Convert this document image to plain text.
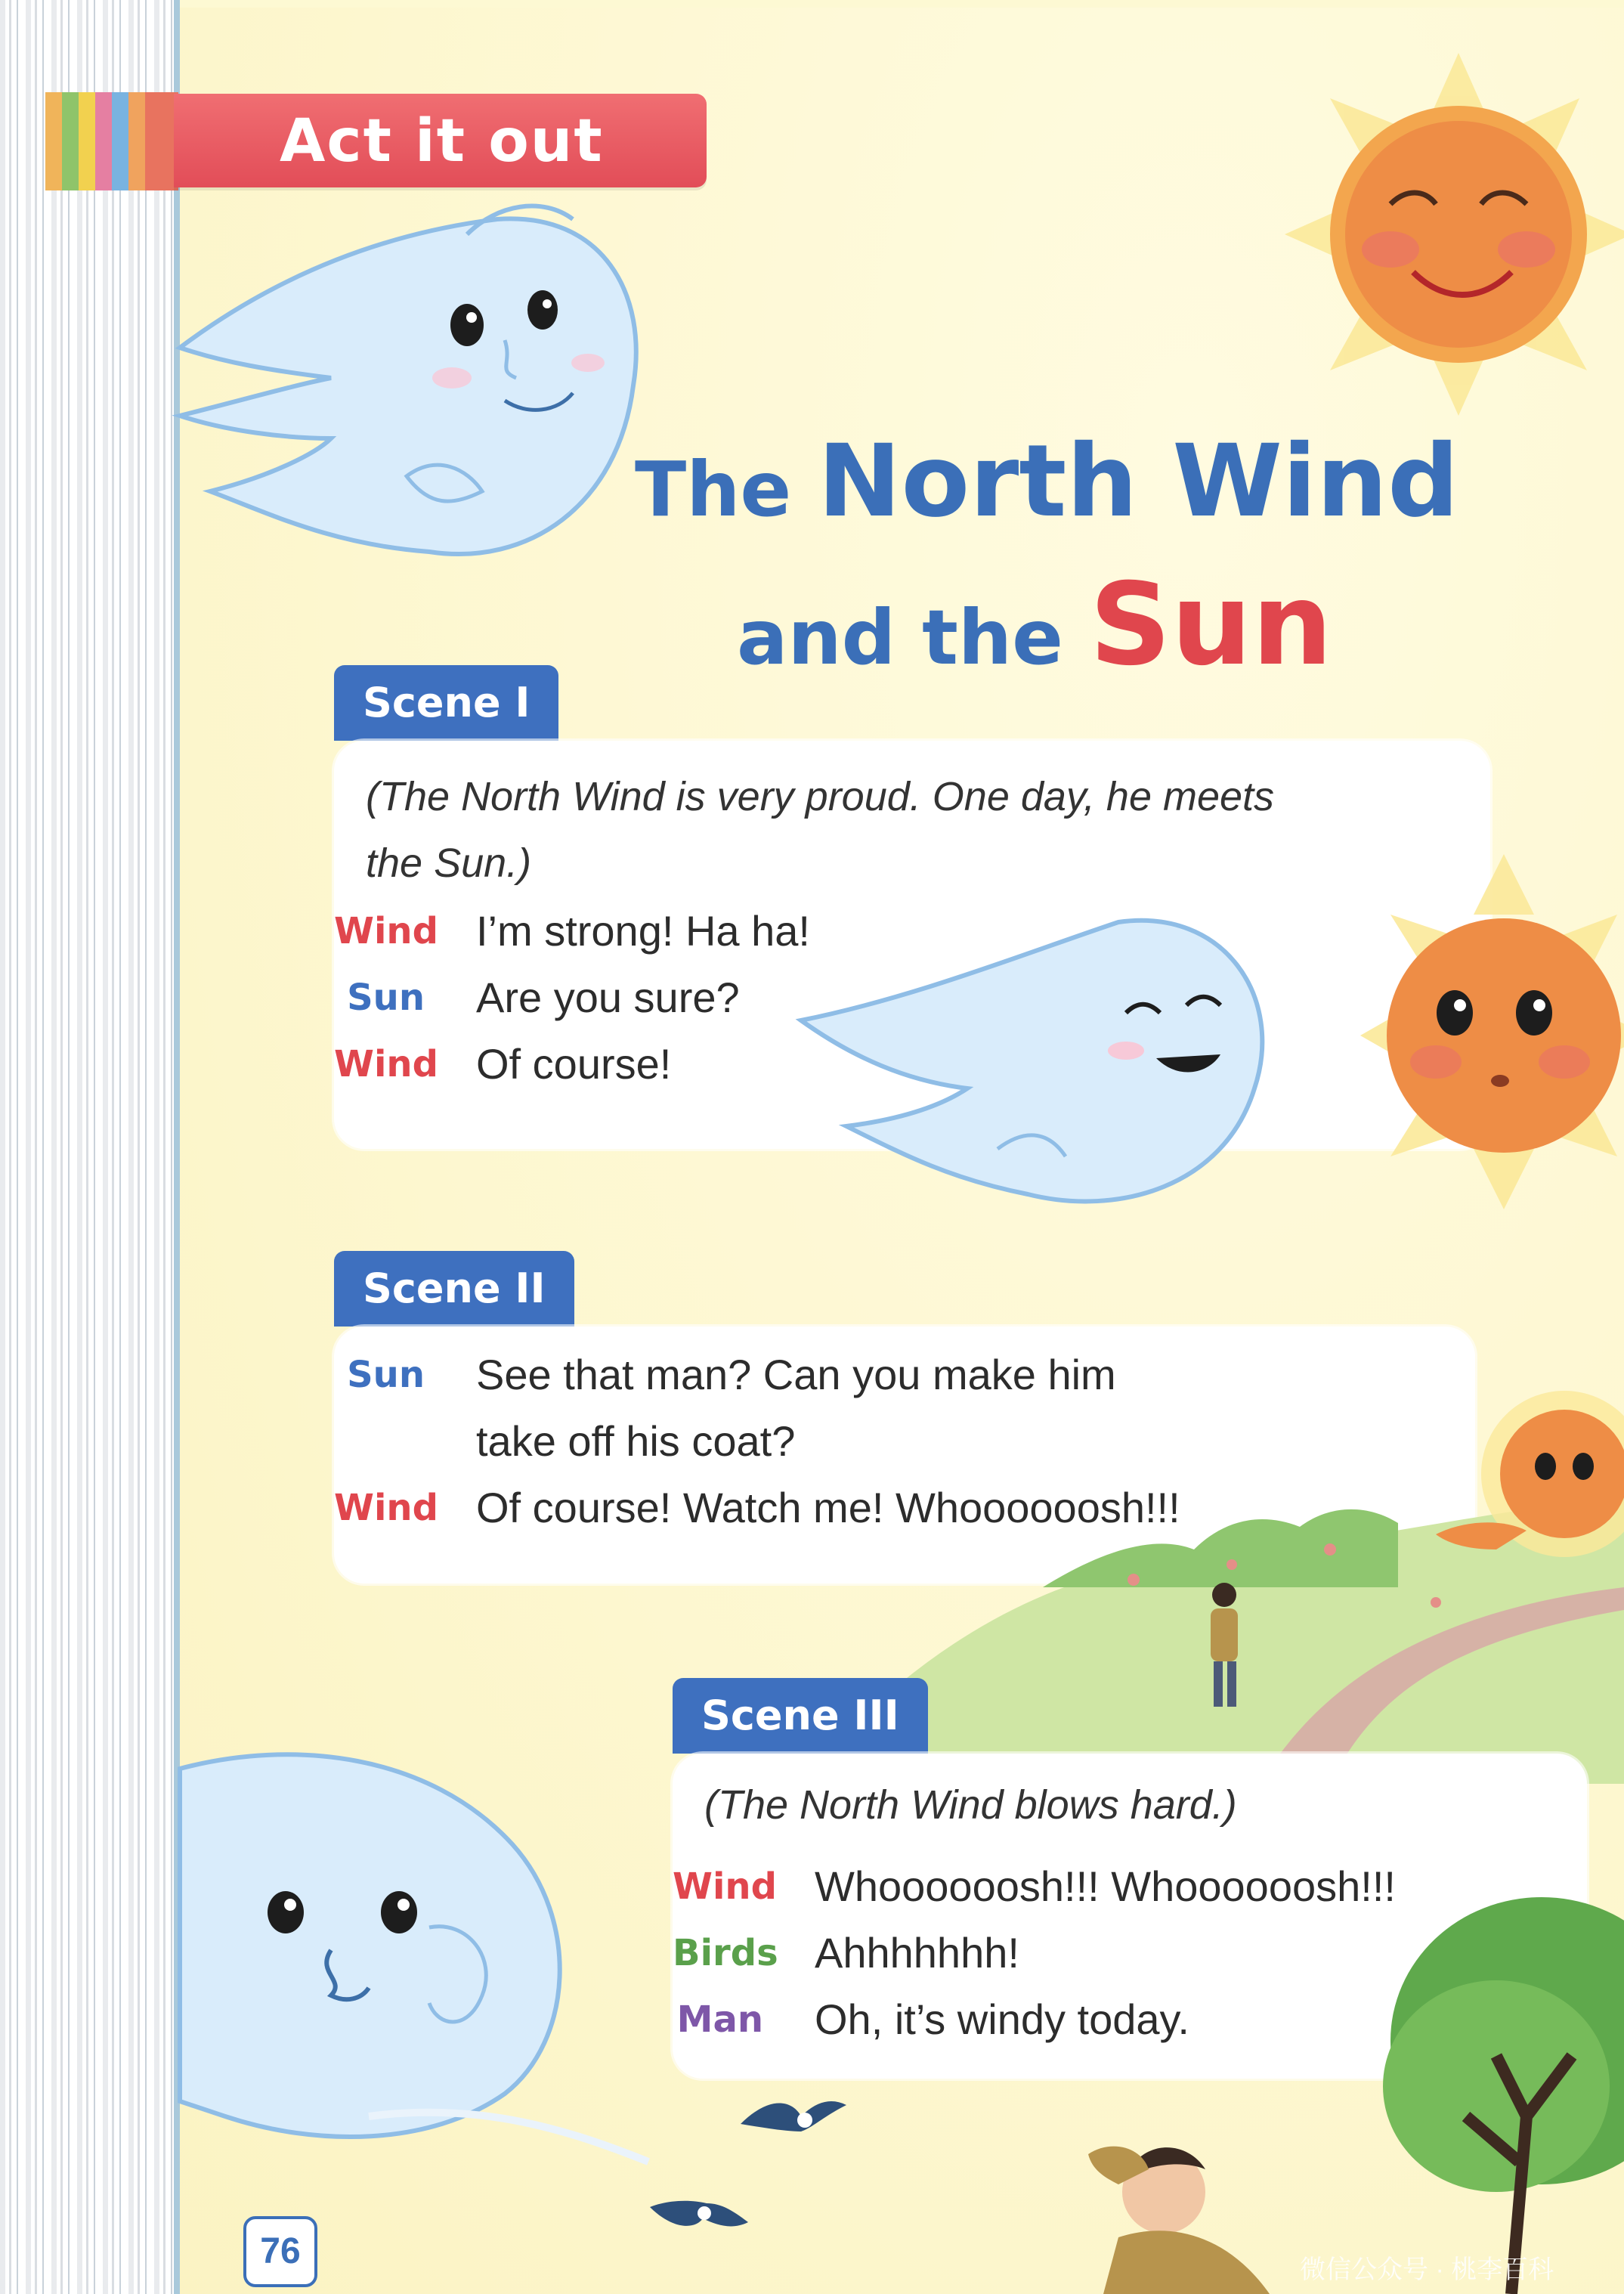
Act it out
The North Wind
and the Sun
Scene I
(The North Wind is very proud. One day, he meets
the Sun.)
Wind I’m strong! Ha ha!
Sun Are you sure?
Wind Of course!
Scene II
Sun See that man? Can you make him
take off his coat?
Wind Of course! Watch me! Whoooooosh!!!
Scene III
(The North Wind blows hard.)
Wind Whoooooosh!!! Whoooooosh!!!
Birds Ahhhhhhh!
Man Oh, it’s windy today.
76	微信公众号 · 桃李百科
